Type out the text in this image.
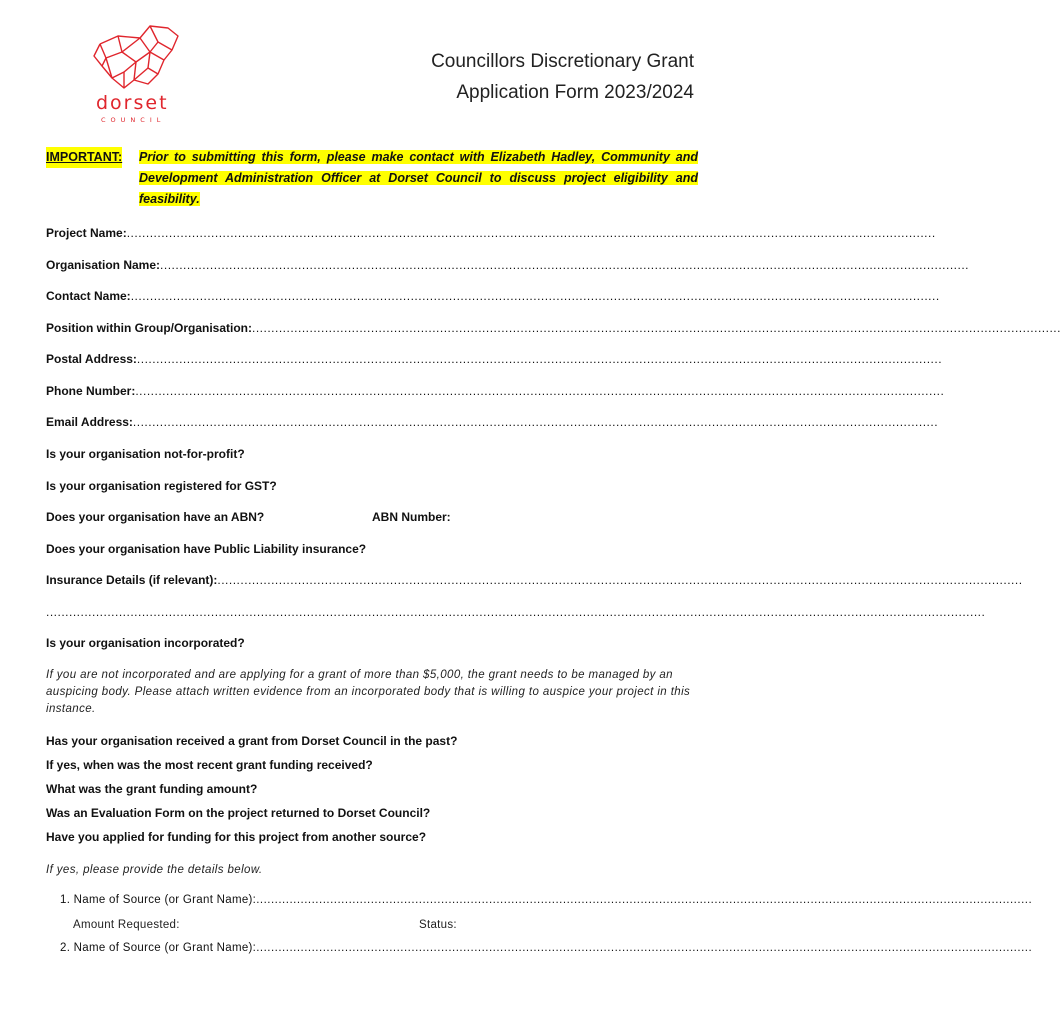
dorset
COUNCIL
Councillors Discretionary Grant
Application Form 2023/2024
IMPORTANT: Prior to submitting this form, please make contact with Elizabeth Hadley, Community and Development Administration Officer at Dorset Council to discuss project eligibility and feasibility.
Project Name: ...................................................................................................................................................................................................................
Organisation Name: ...................................................................................................................................................................................................................
Contact Name: ...................................................................................................................................................................................................................
Position within Group/Organisation: ...................................................................................................................................................................................................................
Postal Address: ..................................................................................................................................................................................................................
Phone Number: ...................................................................................................................................................................................................................
Email Address: ..................................................................................................................................................................................................................
Is your organisation not-for-profit?
Is your organisation registered for GST?
Does your organisation have an ABN?	ABN Number:
Does your organisation have Public Liability insurance?
Insurance Details (if relevant): ..................................................................................................................................................................................................................
.....................................................................................................................................................................................................................................................
Is your organisation incorporated?
If you are not incorporated and are applying for a grant of more than $5,000, the grant needs to be managed by an auspicing body. Please attach written evidence from an incorporated body that is willing to auspice your project in this instance.
Has your organisation received a grant from Dorset Council in the past?
If yes, when was the most recent grant funding received?
What was the grant funding amount?
Was an Evaluation Form on the project returned to Dorset Council?
Have you applied for funding for this project from another source?
If yes, please provide the details below.
1. Name of Source (or Grant Name): ..................................................................................................................................................................................................................
Amount Requested:	Status:
2. Name of Source (or Grant Name): ..................................................................................................................................................................................................................
